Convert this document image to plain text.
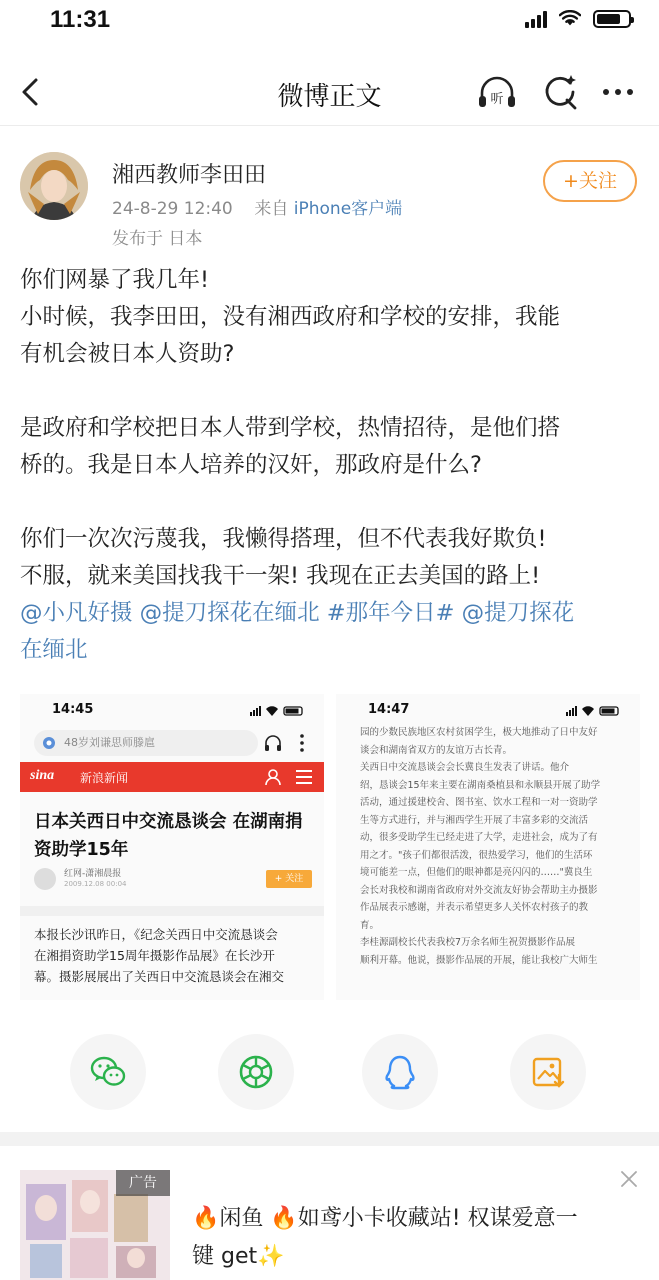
11:31
微博正文	听
湘西教师李田田
24-8-29 12:40 来自 iPhone客户端
发布于 日本
+关注

你们网暴了我几年!

小时候，我李田田，没有湘西政府和学校的安排，我能

有机会被日本人资助?

是政府和学校把日本人带到学校，热情招待，是他们搭

桥的。我是日本人培养的汉奸，那政府是什么?

你们一次次污蔑我，我懒得搭理，但不代表我好欺负!

不服，就来美国找我干一架! 我现在正去美国的路上!

@小凡好摄 @提刀探花在缅北 #那年今日# @提刀探花

在缅北

14:45
48岁刘谦思师滕扈
sina 新浪新闻
日本关西日中交流恳谈会 在湖南捐资助学15年
红网-潇湘晨报
2009.12.08 00:04	+ 关注

本报长沙讯昨日，《纪念关西日中交流恳谈会

在湘捐资助学15周年摄影作品展》在长沙开

幕。摄影展展出了关西日中交流恳谈会在湘交

14:47

园的少数民族地区农村贫困学生，极大地推动了日中友好

谈会和湖南省双方的友谊万古长青。

关西日中交流恳谈会会长冀良生发表了讲话。他介

绍，恳谈会15年来主要在湖南桑植县和永顺县开展了助学

活动，通过援建校舍、图书室、饮水工程和一对一资助学

生等方式进行，并与湘西学生开展了丰富多彩的交流活

动，很多受助学生已经走进了大学，走进社会，成为了有

用之才。"孩子们都很活泼，很热爱学习，他们的生活环

境可能差一点，但他们的眼神都是亮闪闪的……"冀良生

会长对我校和湖南省政府对外交流友好协会帮助主办摄影

作品展表示感谢，并表示希望更多人关怀农村孩子的教

育。

李桂源副校长代表我校7万余名师生祝贺摄影作品展

顺利开幕。他说，摄影作品展的开展，能让我校广大师生

广告

🔥闲鱼 🔥如鸢小卡收藏站! 权谋爱意一

键 get✨
